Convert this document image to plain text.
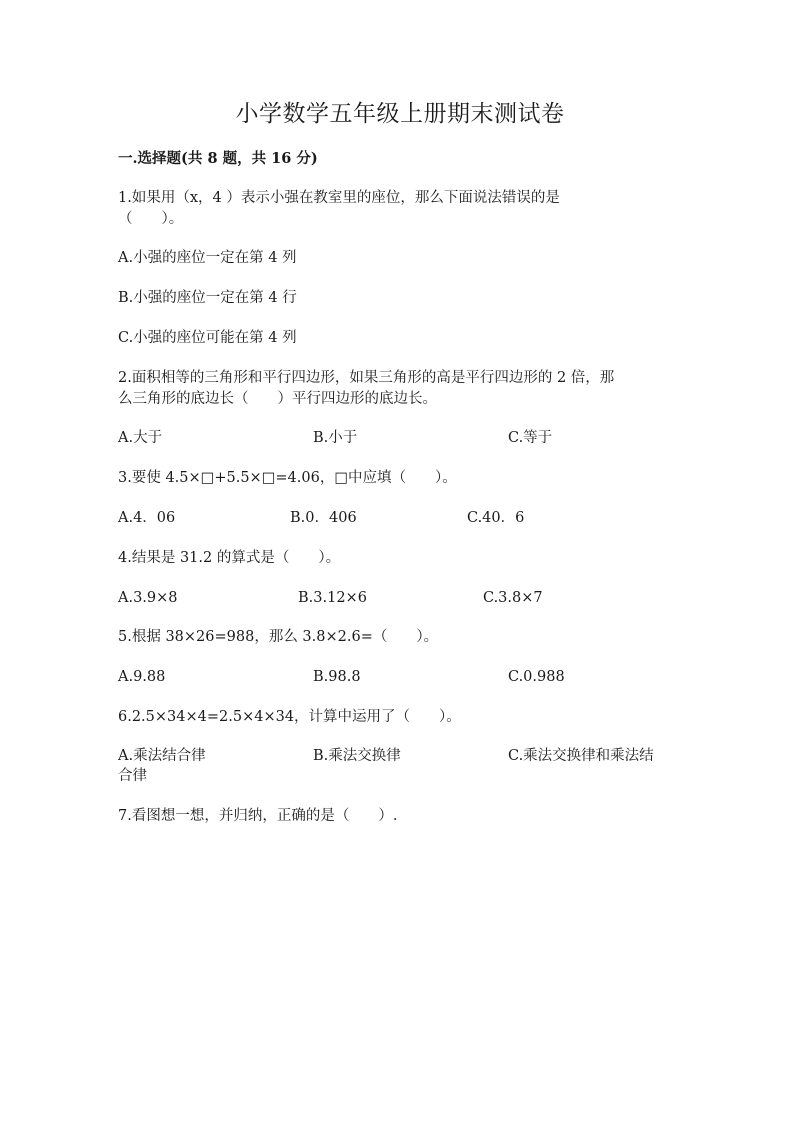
小学数学五年级上册期末测试卷
一.选择题(共 8 题，共 16 分)
1.如果用（x，4 ）表示小强在教室里的座位，那么下面说法错误的是
（　　）。
A.小强的座位一定在第 4 列
B.小强的座位一定在第 4 行
C.小强的座位可能在第 4 列
2.面积相等的三角形和平行四边形，如果三角形的高是平行四边形的 2 倍，那
么三角形的底边长（　　）平行四边形的底边长。
A.大于	B.小于	C.等于
3.要使 4.5×□+5.5×□=4.06，□中应填（　　）。
A.4．06	B.0．406	C.40．6
4.结果是 31.2 的算式是（　　）。
A.3.9×8	B.3.12×6	C.3.8×7
5.根据 38×26=988，那么 3.8×2.6=（　　）。
A.9.88	B.98.8	C.0.988
6.2.5×34×4=2.5×4×34，计算中运用了（　　）。
A.乘法结合律	B.乘法交换律	C.乘法交换律和乘法结
合律
7.看图想一想，并归纳，正确的是（　　）.
